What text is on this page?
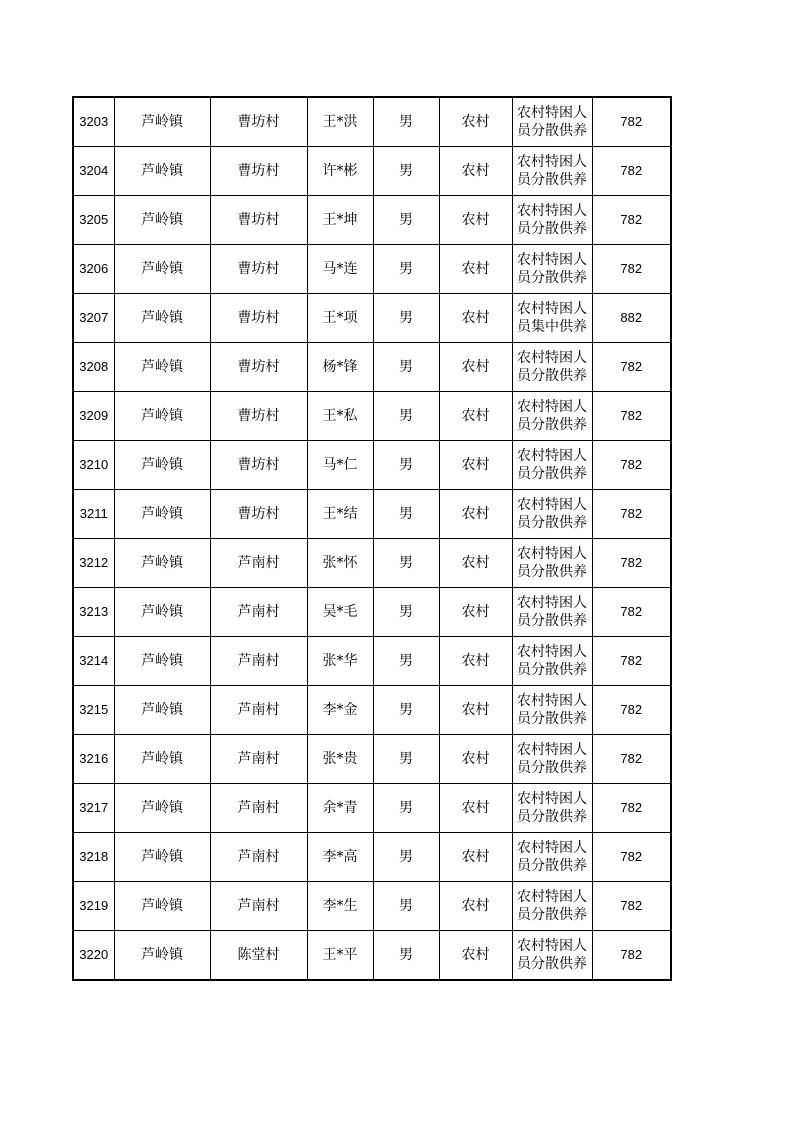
3203	芦岭镇	曹坊村	王*洪	男	农村	农村特困人员分散供养	782
3204	芦岭镇	曹坊村	许*彬	男	农村	农村特困人员分散供养	782
3205	芦岭镇	曹坊村	王*坤	男	农村	农村特困人员分散供养	782
3206	芦岭镇	曹坊村	马*连	男	农村	农村特困人员分散供养	782
3207	芦岭镇	曹坊村	王*项	男	农村	农村特困人员集中供养	882
3208	芦岭镇	曹坊村	杨*锋	男	农村	农村特困人员分散供养	782
3209	芦岭镇	曹坊村	王*私	男	农村	农村特困人员分散供养	782
3210	芦岭镇	曹坊村	马*仁	男	农村	农村特困人员分散供养	782
3211	芦岭镇	曹坊村	王*结	男	农村	农村特困人员分散供养	782
3212	芦岭镇	芦南村	张*怀	男	农村	农村特困人员分散供养	782
3213	芦岭镇	芦南村	吴*毛	男	农村	农村特困人员分散供养	782
3214	芦岭镇	芦南村	张*华	男	农村	农村特困人员分散供养	782
3215	芦岭镇	芦南村	李*金	男	农村	农村特困人员分散供养	782
3216	芦岭镇	芦南村	张*贵	男	农村	农村特困人员分散供养	782
3217	芦岭镇	芦南村	余*青	男	农村	农村特困人员分散供养	782
3218	芦岭镇	芦南村	李*高	男	农村	农村特困人员分散供养	782
3219	芦岭镇	芦南村	李*生	男	农村	农村特困人员分散供养	782
3220	芦岭镇	陈堂村	王*平	男	农村	农村特困人员分散供养	782
